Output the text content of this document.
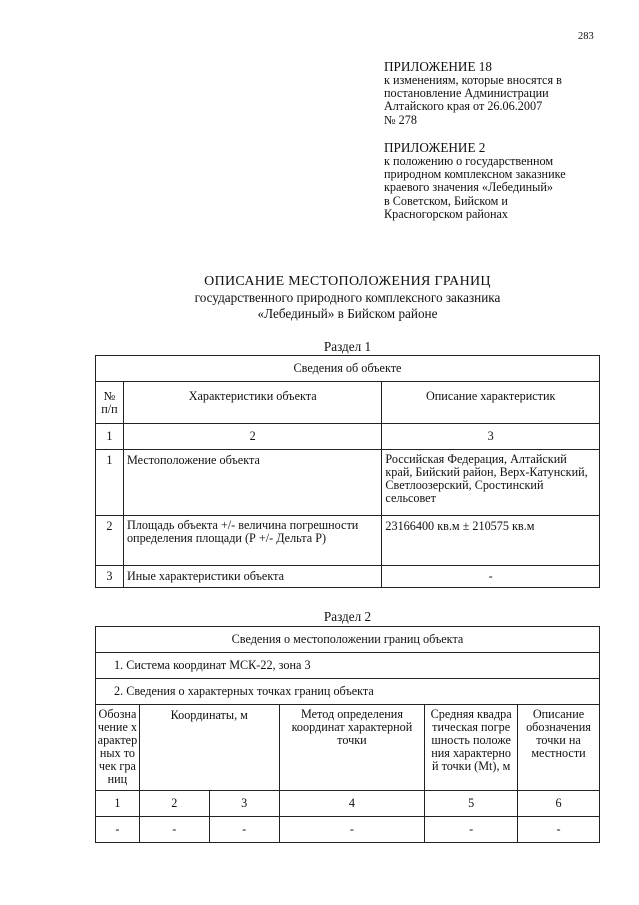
283
ПРИЛОЖЕНИЕ 18
к изменениям, которые вносятся в
постановление Администрации
Алтайского края от 26.06.2007
№ 278
ПРИЛОЖЕНИЕ 2
к положению о государственном
природном комплексном заказнике
краевого значения «Лебединый»
в Советском, Бийском и
Красногорском районах
ОПИСАНИЕ МЕСТОПОЛОЖЕНИЯ ГРАНИЦ
государственного природного комплексного заказника
«Лебединый» в Бийском районе
Раздел 1
Сведения об объекте		
№ п/п	Характеристики объекта	Описание характеристик
1	2	3
1	Местоположение объекта	Российская Федерация, Алтайский край, Бийский район, Верх-Катунский, Светлоозерский, Сростинский сельсовет
2	Площадь объекта +/- величина погрешности определения площади (Р +/- Дельта Р)	23166400 кв.м ± 210575 кв.м
3	Иные характеристики объекта	-
Раздел 2
Сведения о местоположении границ объекта					
1. Система координат МСК-22, зона 3					
2. Сведения о характерных точках границ объекта					
Обозначение характерных точек границ	Координаты, м		Метод определения координат характерной точки	Средняя квадратическая погрешность положения характерной точки (Mt), м	Описание обозначения точки на местности
1	2	3	4	5	6
-	-	-	-	-	-
